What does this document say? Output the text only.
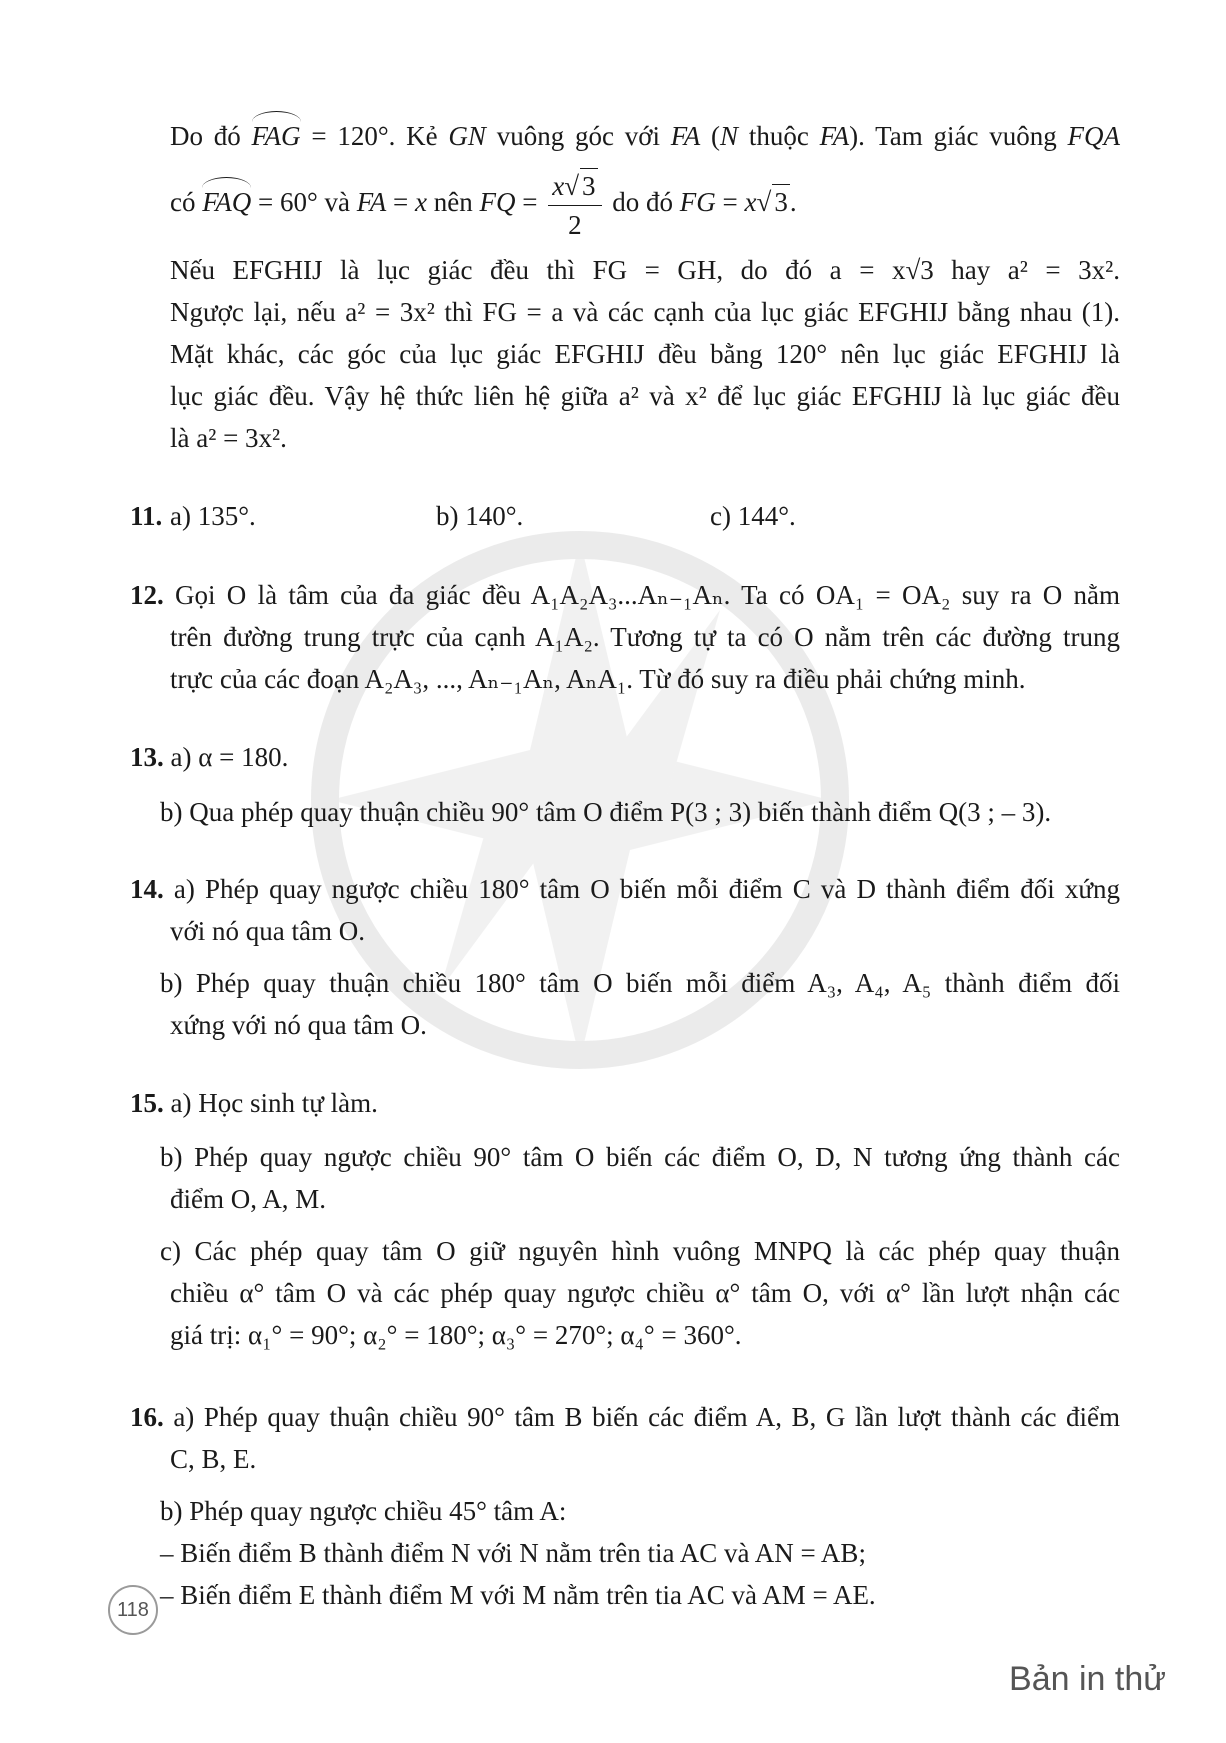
Do đó FAG = 120°. Kẻ GN vuông góc với FA (N thuộc FA). Tam giác vuông FQA
có FAQ = 60° và FA = x nên FQ = $\frac{x√ 3}{2}$ do đó FG = x√ 3.
Nếu EFGHIJ là lục giác đều thì FG = GH, do đó a = x√3 hay a² = 3x².
Ngược lại, nếu a² = 3x² thì FG = a và các cạnh của lục giác EFGHIJ bằng nhau (1).
Mặt khác, các góc của lục giác EFGHIJ đều bằng 120° nên lục giác EFGHIJ là
lục giác đều. Vậy hệ thức liên hệ giữa a² và x² để lục giác EFGHIJ là lục giác đều
là a² = 3x².
11. a) 135°.	b) 140°.	c) 144°.
12. Gọi O là tâm của đa giác đều A₁A₂A₃...Aₙ₋₁Aₙ. Ta có OA₁ = OA₂ suy ra O nằm
trên đường trung trực của cạnh A₁A₂. Tương tự ta có O nằm trên các đường trung
trực của các đoạn A₂A₃, ..., Aₙ₋₁Aₙ, AₙA₁. Từ đó suy ra điều phải chứng minh.
13. a) α = 180.
b) Qua phép quay thuận chiều 90° tâm O điểm P(3 ; 3) biến thành điểm Q(3 ; – 3).
14. a) Phép quay ngược chiều 180° tâm O biến mỗi điểm C và D thành điểm đối xứng
với nó qua tâm O.
b) Phép quay thuận chiều 180° tâm O biến mỗi điểm A₃, A₄, A₅ thành điểm đối
xứng với nó qua tâm O.
15. a) Học sinh tự làm.
b) Phép quay ngược chiều 90° tâm O biến các điểm O, D, N tương ứng thành các
điểm O, A, M.
c) Các phép quay tâm O giữ nguyên hình vuông MNPQ là các phép quay thuận
chiều α° tâm O và các phép quay ngược chiều α° tâm O, với α° lần lượt nhận các
giá trị: α₁° = 90°; α₂° = 180°; α₃° = 270°; α₄° = 360°.
16. a) Phép quay thuận chiều 90° tâm B biến các điểm A, B, G lần lượt thành các điểm
C, B, E.
b) Phép quay ngược chiều 45° tâm A:
– Biến điểm B thành điểm N với N nằm trên tia AC và AN = AB;
– Biến điểm E thành điểm M với M nằm trên tia AC và AM = AE.
118
Bản in thử
